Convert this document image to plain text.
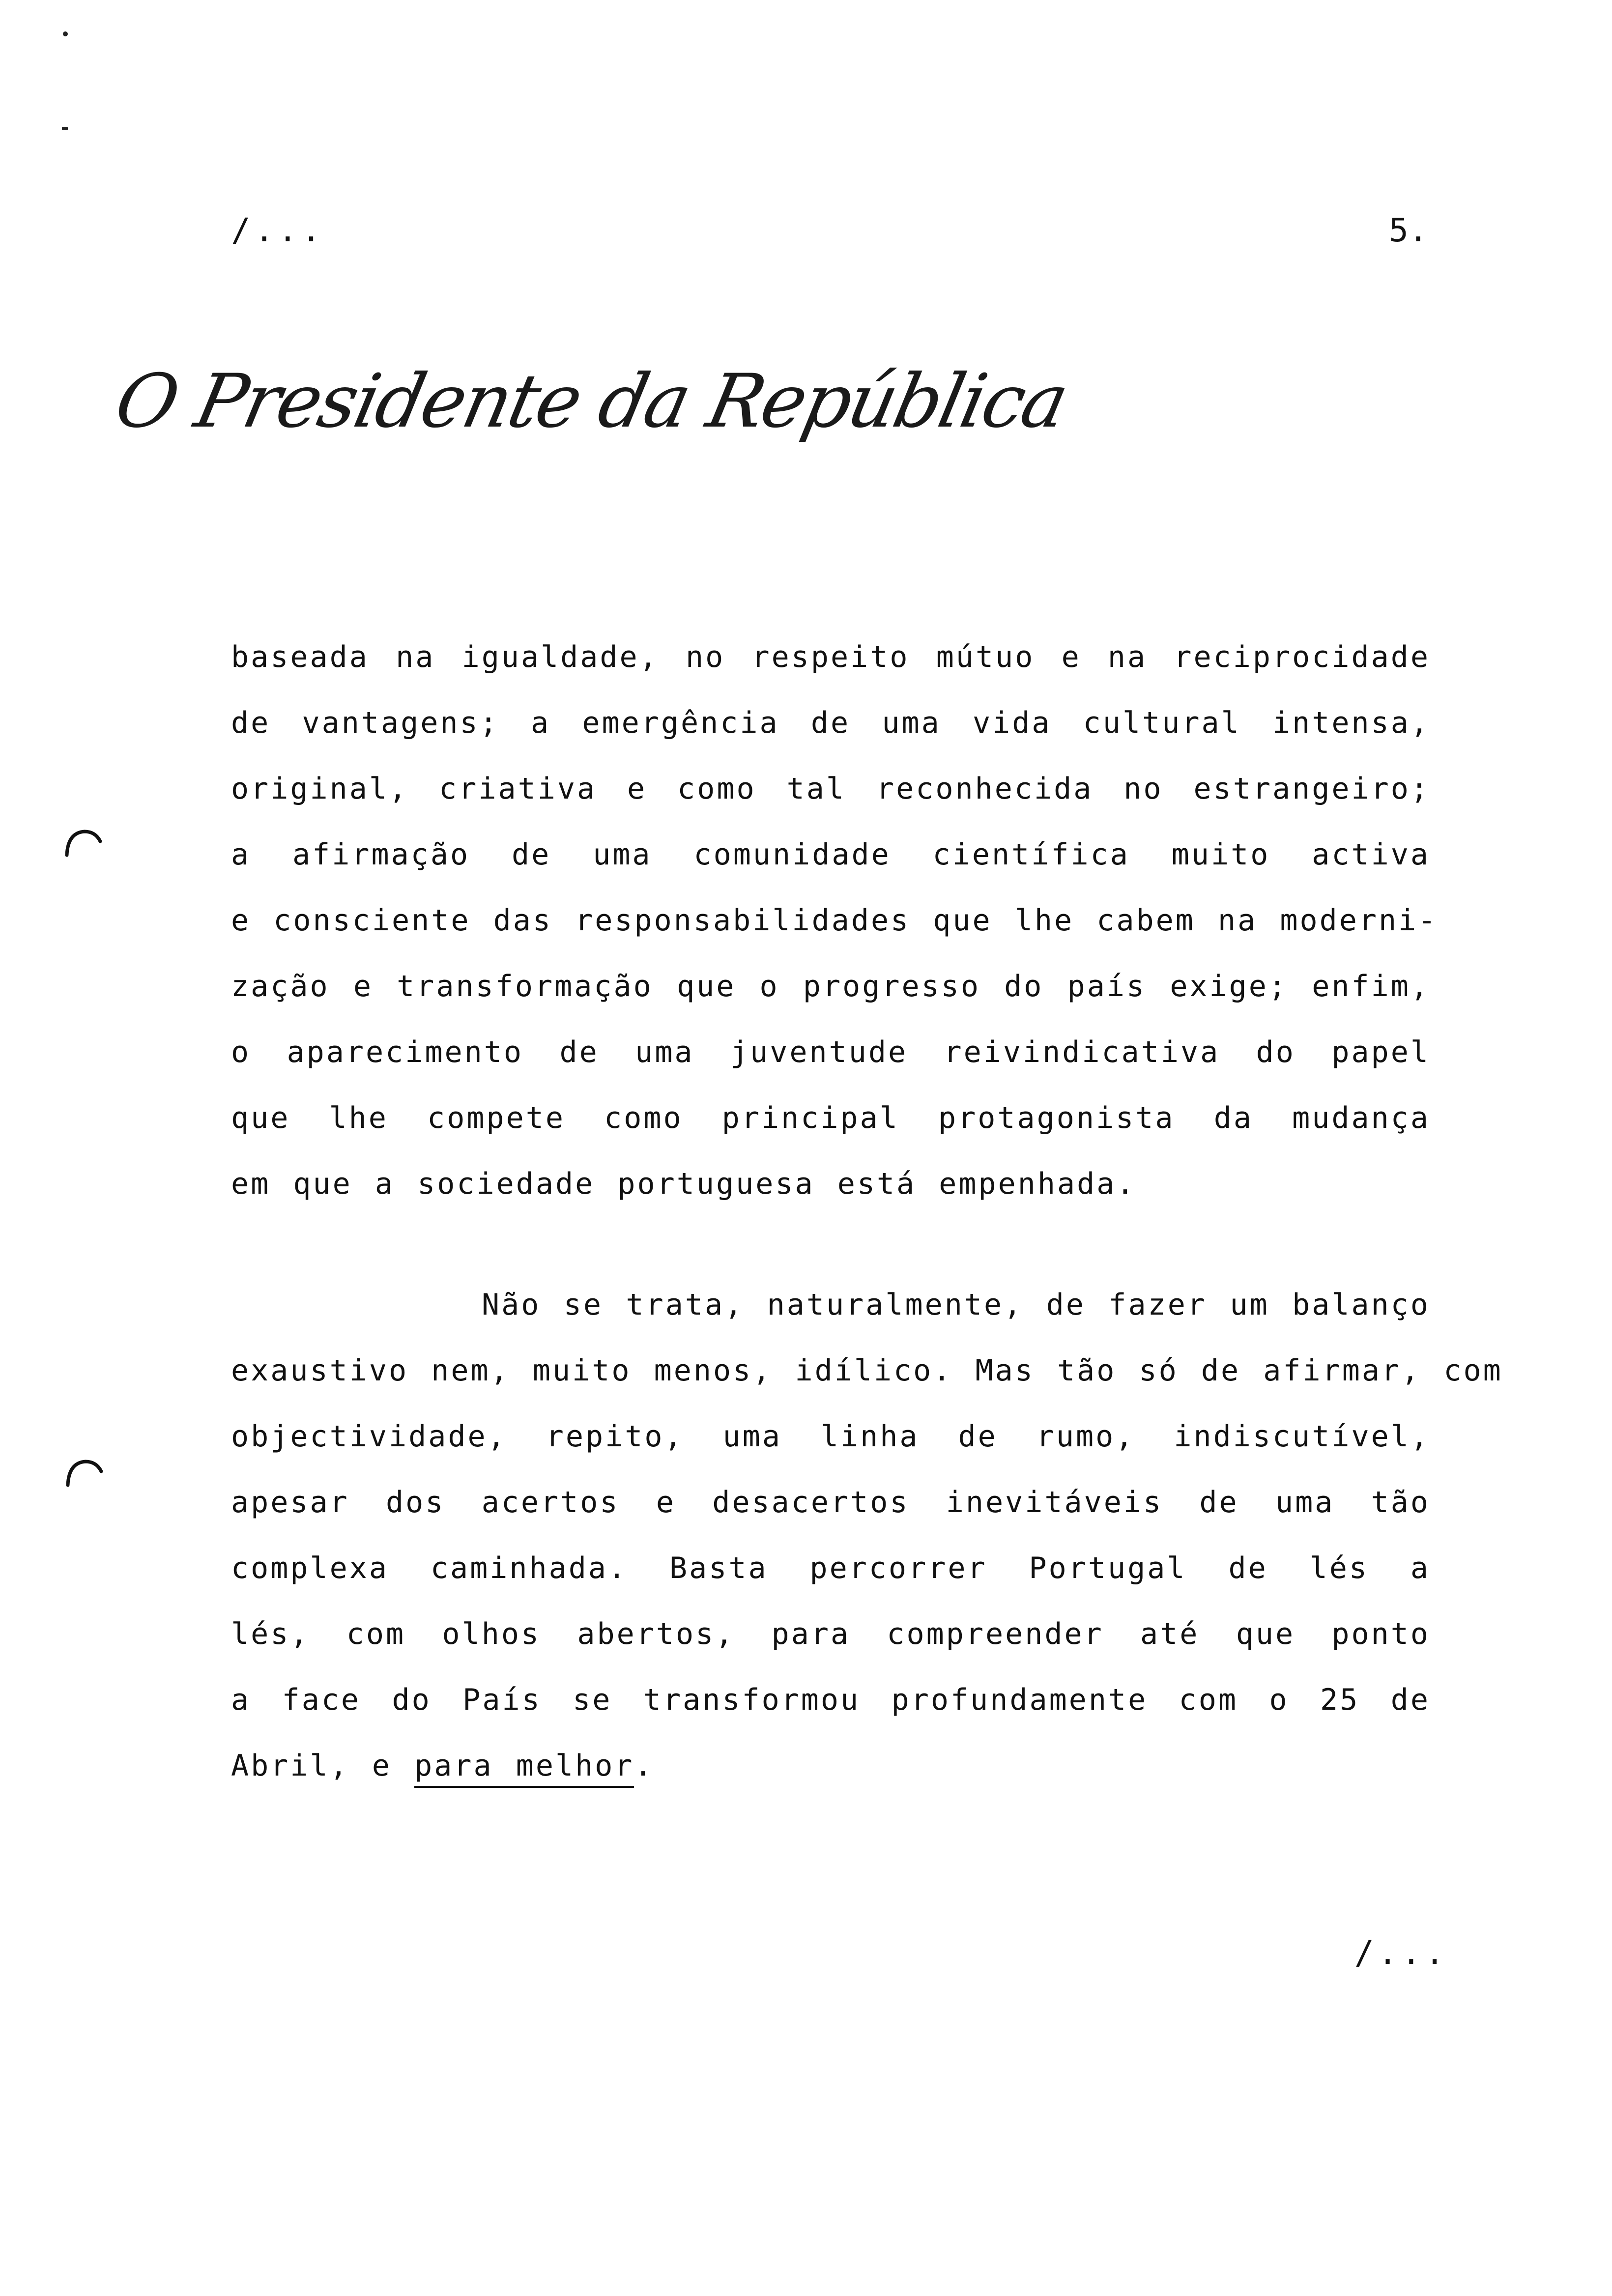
/...	5.
O Presidente da República
baseada na igualdade, no respeito mútuo e na reciprocidade
de vantagens; a emergência de uma vida cultural intensa,
original, criativa e como tal reconhecida no estrangeiro;
a afirmação de uma comunidade científica muito activa
e consciente das responsabilidades que lhe cabem na moderni-
zação e transformação que o progresso do país exige; enfim,
o aparecimento de uma juventude reivindicativa do papel
que lhe compete como principal protagonista da mudança
em que a sociedade portuguesa está empenhada.
Não se trata, naturalmente, de fazer um balanço
exaustivo nem, muito menos, idílico. Mas tão só de afirmar, com
objectividade, repito, uma linha de rumo, indiscutível,
apesar dos acertos e desacertos inevitáveis de uma tão
complexa caminhada. Basta percorrer Portugal de lés a
lés, com olhos abertos, para compreender até que ponto
a face do País se transformou profundamente com o 25 de
Abril, e para melhor.
/...
